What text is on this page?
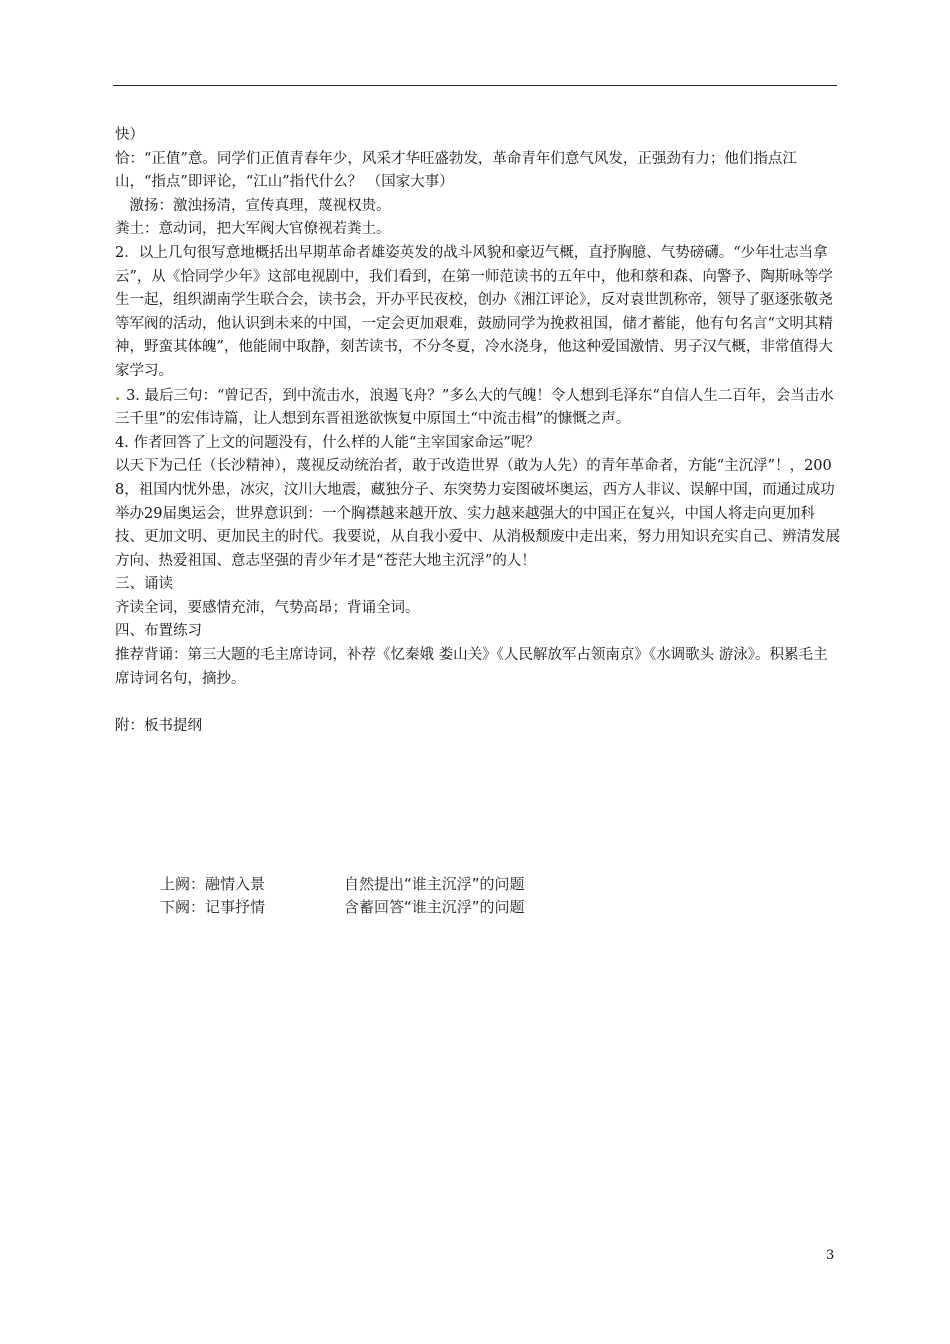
快）

恰：“正值”意。同学们正值青春年少，风采才华旺盛勃发，革命青年们意气风发，正强劲有力；他们指点江山，“指点”即评论，“江山”指代什么？ （国家大事）

　激扬：激浊扬清，宣传真理，蔑视权贵。

粪土：意动词，把大军阀大官僚视若粪土。

2．以上几句很写意地概括出早期革命者雄姿英发的战斗风貌和豪迈气概，直抒胸臆、气势磅礴。“少年壮志当拿云”，从《恰同学少年》这部电视剧中，我们看到，在第一师范读书的五年中，他和蔡和森、向警予、陶斯咏等学生一起，组织湖南学生联合会，读书会，开办平民夜校，创办《湘江评论》，反对袁世凯称帝，领导了驱逐张敬尧等军阀的活动，他认识到未来的中国，一定会更加艰难，鼓励同学为挽救祖国，储才蓄能，他有句名言“文明其精神，野蛮其体魄”，他能闹中取静，刻苦读书，不分冬夏，冷水浇身，他这种爱国激情、男子汉气概，非常值得大家学习。

. 3. 最后三句：“曾记否，到中流击水，浪遏飞舟？”多么大的气魄！令人想到毛泽东“自信人生二百年，会当击水三千里”的宏伟诗篇，让人想到东晋祖逖欲恢复中原国土“中流击楫”的慷慨之声。

4. 作者回答了上文的问题没有，什么样的人能“主宰国家命运”呢？

以天下为己任（长沙精神），蔑视反动统治者，敢于改造世界（敢为人先）的青年革命者，方能“主沉浮”！，2008，祖国内忧外患，冰灾，汶川大地震，藏独分子、东突势力妄图破坏奥运，西方人非议、误解中国，而通过成功举办29届奥运会，世界意识到：一个胸襟越来越开放、实力越来越强大的中国正在复兴，中国人将走向更加科技、更加文明、更加民主的时代。我要说，从自我小爱中、从消极颓废中走出来，努力用知识充实自己、辨清发展方向、热爱祖国、意志坚强的青少年才是“苍茫大地主沉浮”的人！

三、诵读

齐读全词，要感情充沛，气势高昂；背诵全词。

四、布置练习

推荐背诵：第三大题的毛主席诗词，补荐《忆秦娥 娄山关》《人民解放军占领南京》《水调歌头 游泳》。积累毛主席诗词名句，摘抄。

附：板书提纲

上阙：融情入景	自然提出“谁主沉浮”的问题
下阙：记事抒情	含蓄回答“谁主沉浮”的问题
3
